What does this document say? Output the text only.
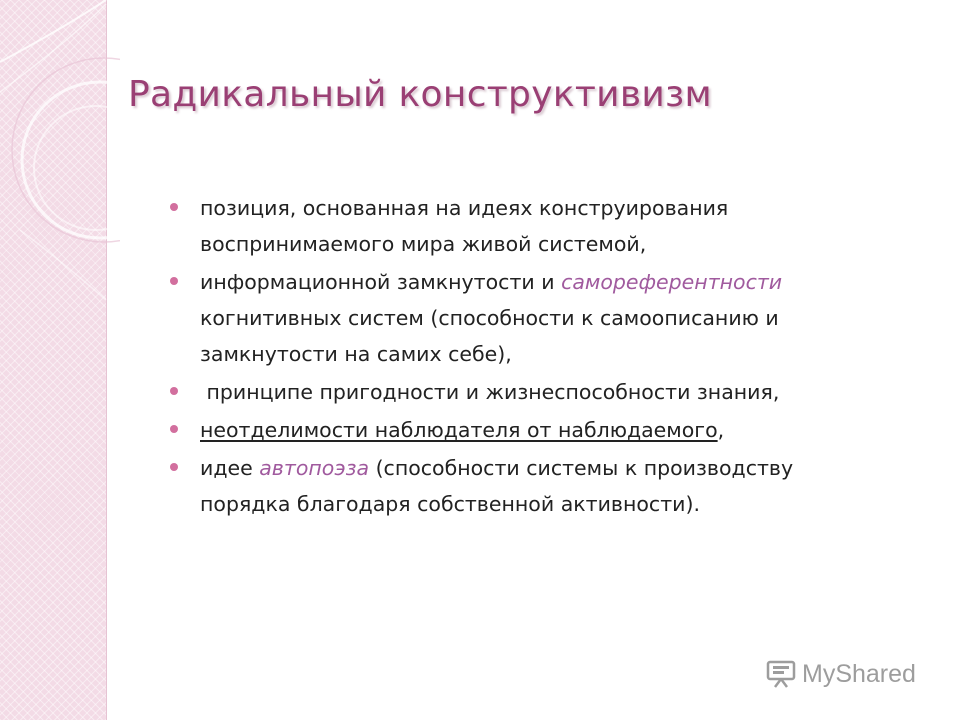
Радикальный конструктивизм
позиция, основанная на идеях конструирования
воспринимаемого мира живой системой,
информационной замкнутости и самореферентности
когнитивных систем (способности к самоописанию и
замкнутости на самих себе),
принципе пригодности и жизнеспособности знания,
неотделимости наблюдателя от наблюдаемого,
идее автопоэза (способности системы к производству
порядка благодаря собственной активности).
MyShared
